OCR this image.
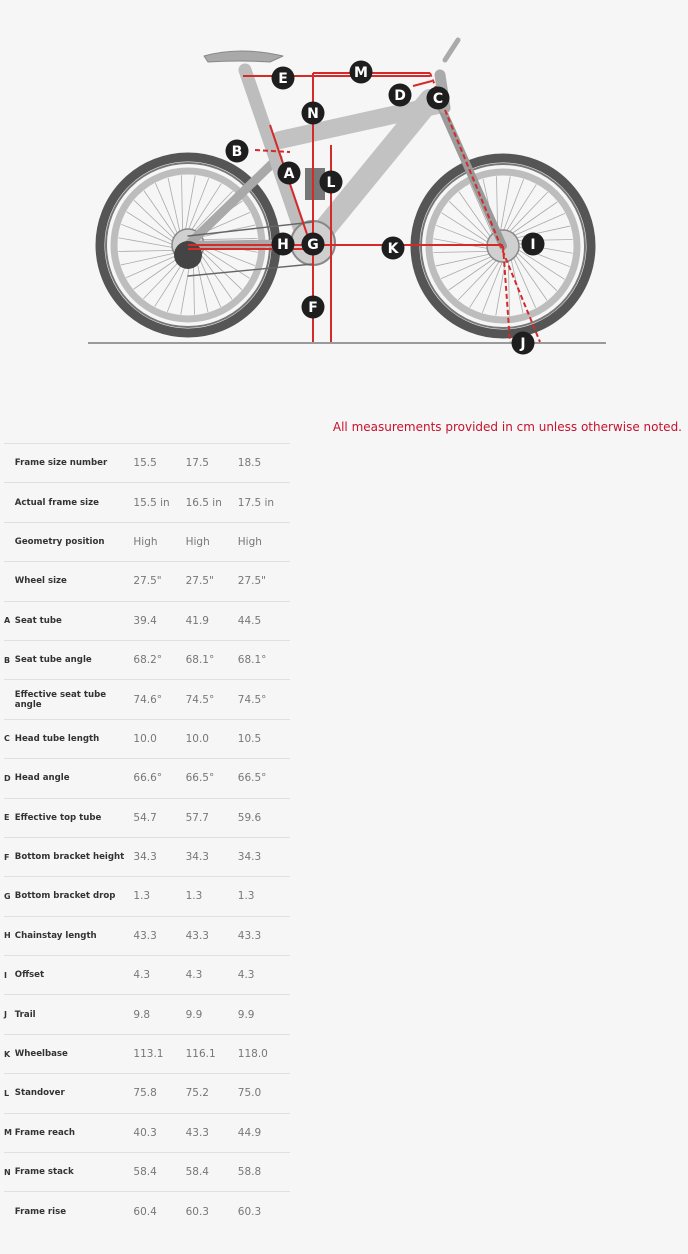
A
B
C
D
E
F
G
H	I
J
K
L
M
N
All measurements provided in cm unless otherwise noted.
	Frame size number	15.5	17.5	18.5
	Actual frame size	15.5 in	16.5 in	17.5 in
	Geometry position	High	High	High
	Wheel size	27.5"	27.5"	27.5"
A	Seat tube	39.4	41.9	44.5
B	Seat tube angle	68.2°	68.1°	68.1°
	Effective seat tube angle	74.6°	74.5°	74.5°
C	Head tube length	10.0	10.0	10.5
D	Head angle	66.6°	66.5°	66.5°
E	Effective top tube	54.7	57.7	59.6
F	Bottom bracket height	34.3	34.3	34.3
G	Bottom bracket drop	1.3	1.3	1.3
H	Chainstay length	43.3	43.3	43.3
I	Offset	4.3	4.3	4.3
J	Trail	9.8	9.9	9.9
K	Wheelbase	113.1	116.1	118.0
L	Standover	75.8	75.2	75.0
M	Frame reach	40.3	43.3	44.9
N	Frame stack	58.4	58.4	58.8
	Frame rise	60.4	60.3	60.3
